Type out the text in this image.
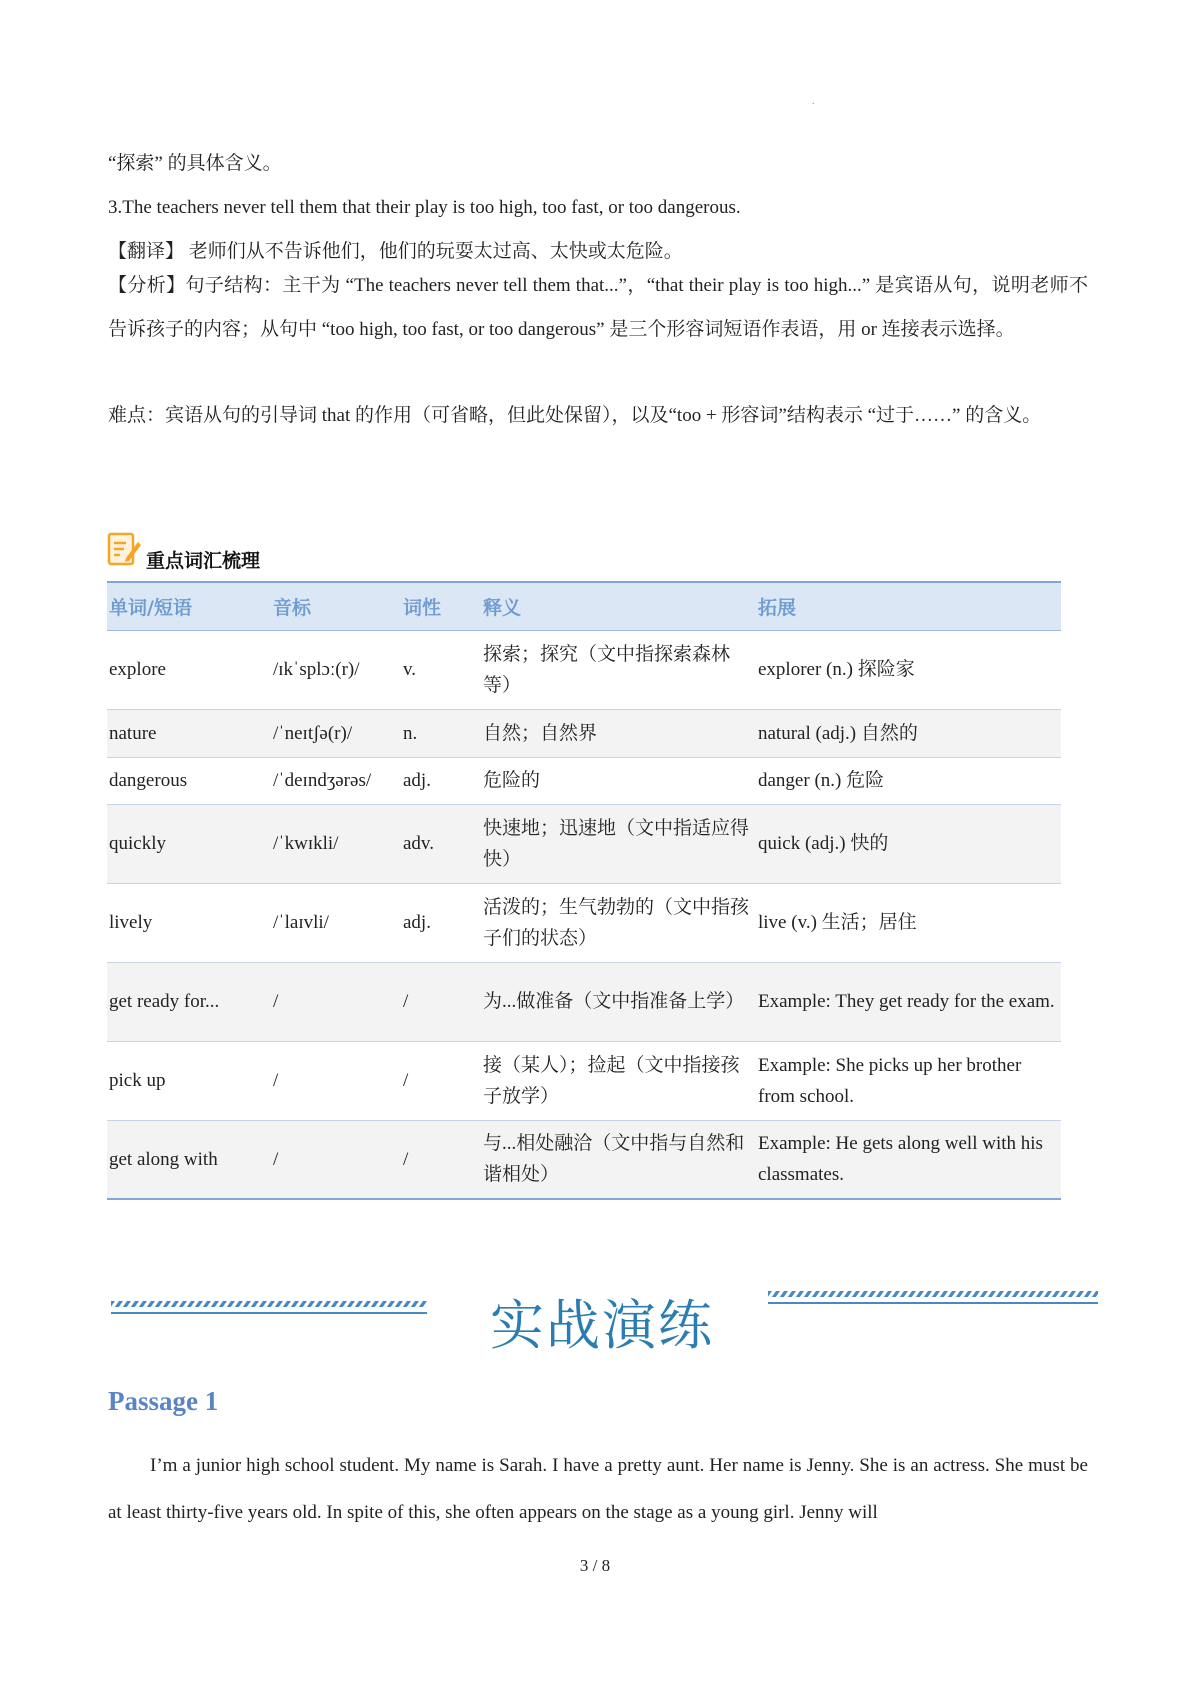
.

“探索” 的具体含义。

3.The teachers never tell them that their play is too high, too fast, or too dangerous.

【翻译】 老师们从不告诉他们，他们的玩耍太过高、太快或太危险。

【分析】句子结构：主干为 “The teachers never tell them that...”，“that their play is too high...” 是宾语从句，说明老师不告诉孩子的内容；从句中 “too high, too fast, or too dangerous” 是三个形容词短语作表语，用 or 连接表示选择。

难点：宾语从句的引导词 that 的作用（可省略，但此处保留），以及“too + 形容词”结构表示 “过于……” 的含义。

重点词汇梳理
单词/短语	音标	词性	释义	拓展
explore	/ɪkˈsplɔː(r)/	v.	探索；探究（文中指探索森林等）	explorer (n.) 探险家
nature	/ˈneɪtʃə(r)/	n.	自然；自然界	natural (adj.) 自然的
dangerous	/ˈdeɪndʒərəs/	adj.	危险的	danger (n.) 危险
quickly	/ˈkwɪkli/	adv.	快速地；迅速地（文中指适应得快）	quick (adj.) 快的
lively	/ˈlaɪvli/	adj.	活泼的；生气勃勃的（文中指孩子们的状态）	live (v.) 生活；居住
get ready for...	/	/	为...做准备（文中指准备上学）	Example: They get ready for the exam.
pick up	/	/	接（某人）；捡起（文中指接孩子放学）	Example: She picks up her brother from school.
get along with	/	/	与...相处融洽（文中指与自然和谐相处）	Example: He gets along well with his classmates.
实战演练
Passage 1

I’m a junior high school student. My name is Sarah. I have a pretty aunt. Her name is Jenny. She is an actress. She must be at least thirty-five years old. In spite of this, she often appears on the stage as a young girl. Jenny will

3 / 8
